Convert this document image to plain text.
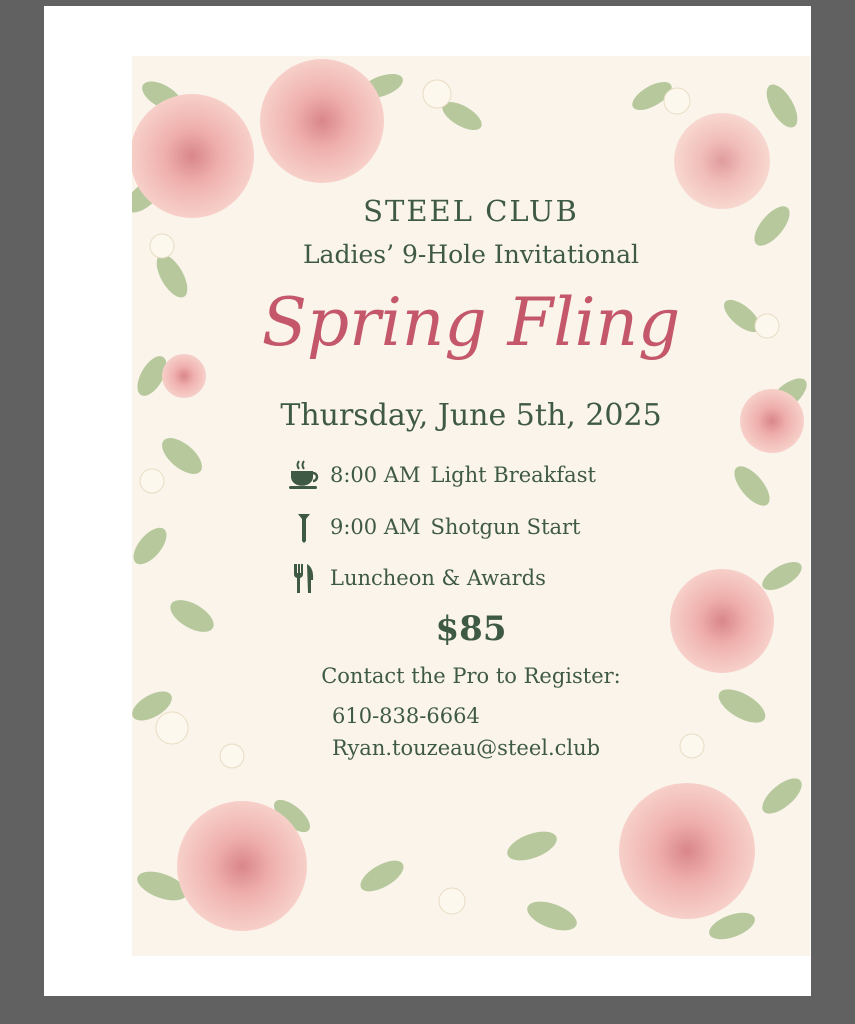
STEEL CLUB
Ladies’ 9-Hole Invitational
Spring Fling
Thursday, June 5th, 2025
8:00 AM Light Breakfast
9:00 AM Shotgun Start
Luncheon & Awards
$85
Contact the Pro to Register:
610-838-6664
Ryan.touzeau@steel.club
